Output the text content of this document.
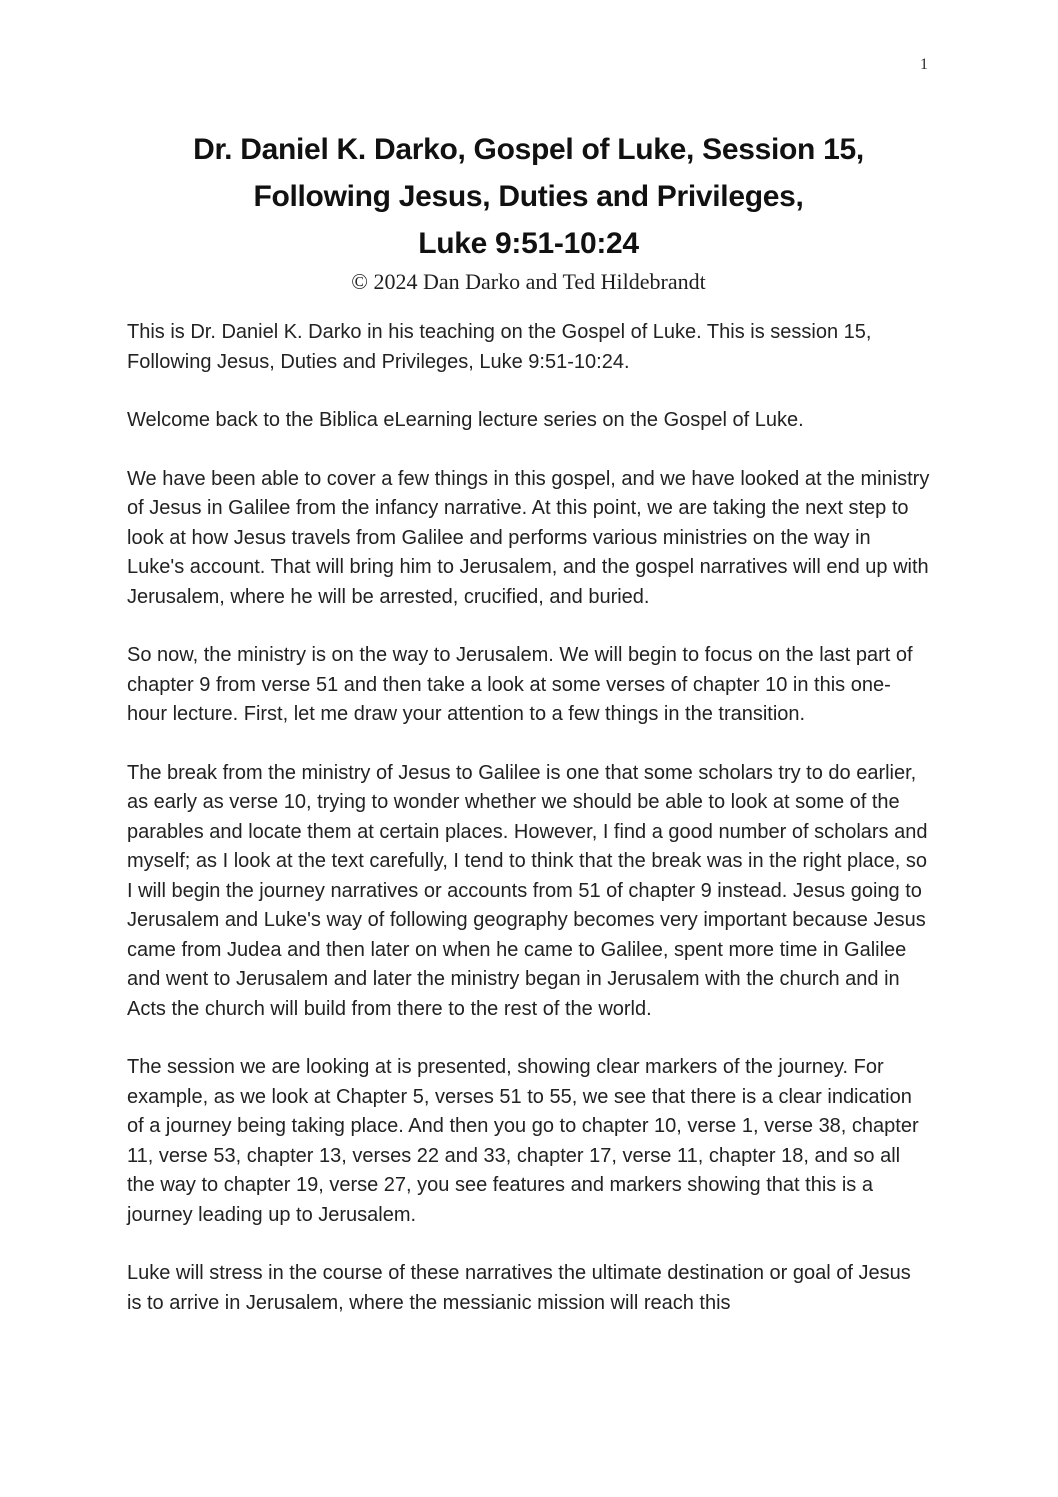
1
Dr. Daniel K. Darko, Gospel of Luke, Session 15,
Following Jesus, Duties and Privileges,
Luke 9:51-10:24
© 2024 Dan Darko and Ted Hildebrandt

This is Dr. Daniel K. Darko in his teaching on the Gospel of Luke. This is session 15, Following Jesus, Duties and Privileges, Luke 9:51-10:24.

Welcome back to the Biblica eLearning lecture series on the Gospel of Luke.

We have been able to cover a few things in this gospel, and we have looked at the ministry of Jesus in Galilee from the infancy narrative. At this point, we are taking the next step to look at how Jesus travels from Galilee and performs various ministries on the way in Luke's account. That will bring him to Jerusalem, and the gospel narratives will end up with Jerusalem, where he will be arrested, crucified, and buried.

So now, the ministry is on the way to Jerusalem. We will begin to focus on the last part of chapter 9 from verse 51 and then take a look at some verses of chapter 10 in this one-hour lecture. First, let me draw your attention to a few things in the transition.

The break from the ministry of Jesus to Galilee is one that some scholars try to do earlier, as early as verse 10, trying to wonder whether we should be able to look at some of the parables and locate them at certain places. However, I find a good number of scholars and myself; as I look at the text carefully, I tend to think that the break was in the right place, so I will begin the journey narratives or accounts from 51 of chapter 9 instead. Jesus going to Jerusalem and Luke's way of following geography becomes very important because Jesus came from Judea and then later on when he came to Galilee, spent more time in Galilee and went to Jerusalem and later the ministry began in Jerusalem with the church and in Acts the church will build from there to the rest of the world.

The session we are looking at is presented, showing clear markers of the journey. For example, as we look at Chapter 5, verses 51 to 55, we see that there is a clear indication of a journey being taking place. And then you go to chapter 10, verse 1, verse 38, chapter 11, verse 53, chapter 13, verses 22 and 33, chapter 17, verse 11, chapter 18, and so all the way to chapter 19, verse 27, you see features and markers showing that this is a journey leading up to Jerusalem.

Luke will stress in the course of these narratives the ultimate destination or goal of Jesus is to arrive in Jerusalem, where the messianic mission will reach this
